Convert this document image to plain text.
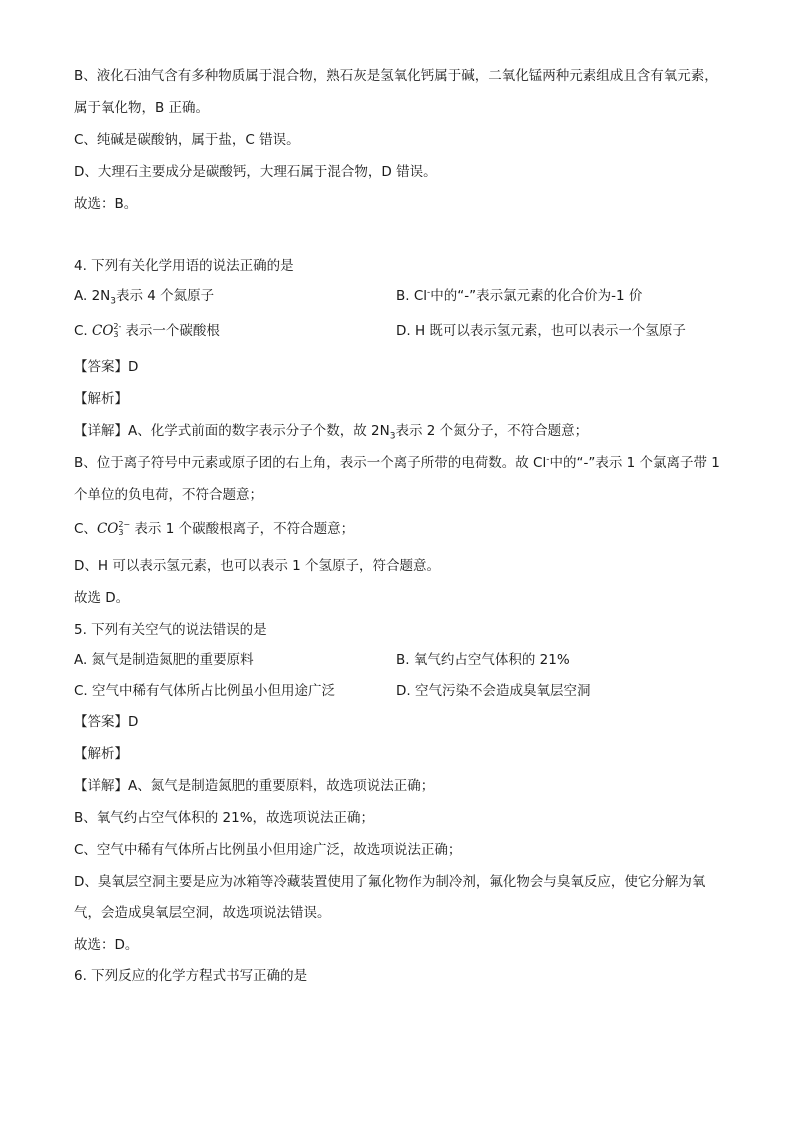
B、液化石油气含有多种物质属于混合物，熟石灰是氢氧化钙属于碱，二氧化锰两种元素组成且含有氧元素，
属于氧化物，B 正确。
C、纯碱是碳酸钠，属于盐，C 错误。
D、大理石主要成分是碳酸钙，大理石属于混合物，D 错误。
故选：B。
4. 下列有关化学用语的说法正确的是
A. $2N_3$表示 4 个氮原子	B. Cl-中的“-”表示氯元素的化合价为-1 价
C. CO 2-
3 表示一个碳酸根	D. H 既可以表示氢元素，也可以表示一个氢原子
【答案】D
【解析】
【详解】A、化学式前面的数字表示分子个数，故 $2N_3$表示 2 个氮分子，不符合题意；
B、位于离子符号中元素或原子团的右上角，表示一个离子所带的电荷数。故 Cl-中的“-”表示 1 个氯离子带 1
个单位的负电荷，不符合题意；
C、CO 2−
3 表示 1 个碳酸根离子，不符合题意；
D、H 可以表示氢元素，也可以表示 1 个氢原子，符合题意。
故选 D。
5. 下列有关空气的说法错误的是
A. 氮气是制造氮肥的重要原料	B. 氧气约占空气体积的 21%
C. 空气中稀有气体所占比例虽小但用途广泛	D. 空气污染不会造成臭氧层空洞
【答案】D
【解析】
【详解】A、氮气是制造氮肥的重要原料，故选项说法正确；
B、氧气约占空气体积的 21%，故选项说法正确；
C、空气中稀有气体所占比例虽小但用途广泛，故选项说法正确；
D、臭氧层空洞主要是应为冰箱等冷藏装置使用了氟化物作为制冷剂，氟化物会与臭氧反应，使它分解为氧
气，会造成臭氧层空洞，故选项说法错误。
故选：D。
6. 下列反应的化学方程式书写正确的是
